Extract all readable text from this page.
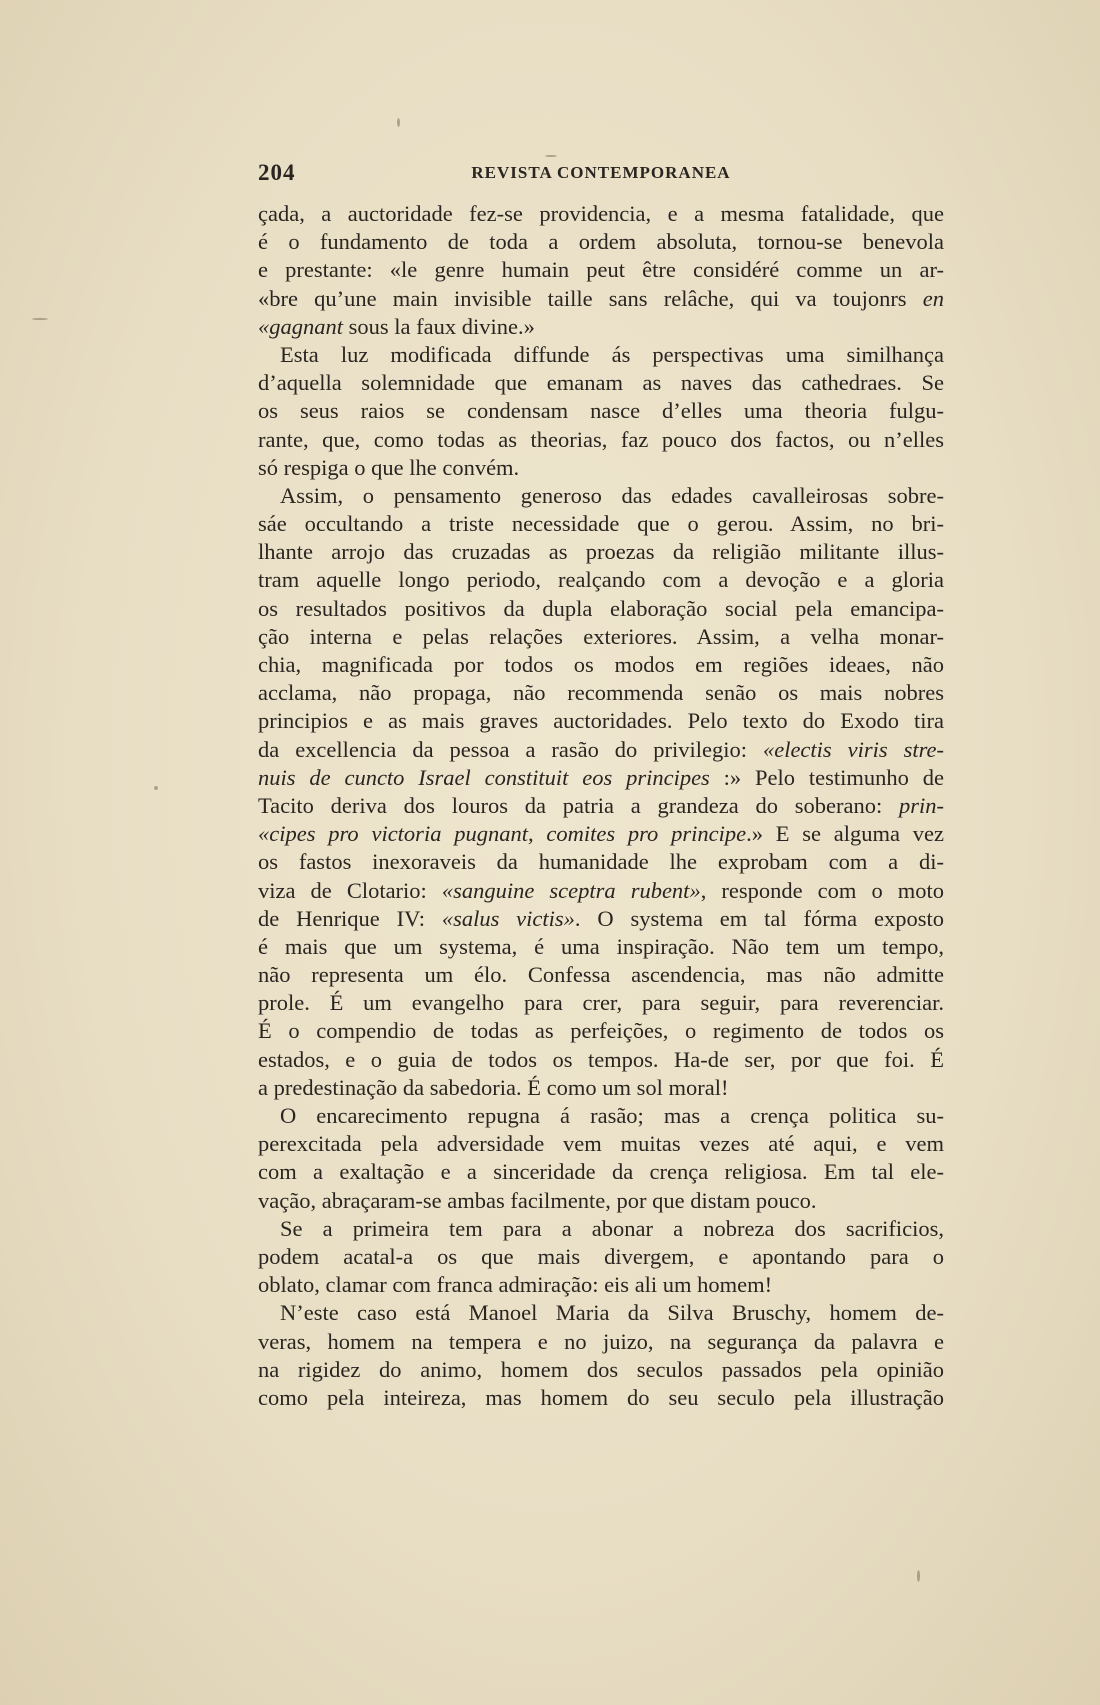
204	REVISTA CONTEMPORANEA
çada, a auctoridade fez-se providencia, e a mesma fatalidade, que
é o fundamento de toda a ordem absoluta, tornou-se benevola
e prestante: «le genre humain peut être considéré comme un ar-
«bre qu’une main invisible taille sans relâche, qui va toujonrs en
«gagnant sous la faux divine.»
Esta luz modificada diffunde ás perspectivas uma similhança
d’aquella solemnidade que emanam as naves das cathedraes. Se
os seus raios se condensam nasce d’elles uma theoria fulgu-
rante, que, como todas as theorias, faz pouco dos factos, ou n’elles
só respiga o que lhe convém.
Assim, o pensamento generoso das edades cavalleirosas sobre-
sáe occultando a triste necessidade que o gerou. Assim, no bri-
lhante arrojo das cruzadas as proezas da religião militante illus-
tram aquelle longo periodo, realçando com a devoção e a gloria
os resultados positivos da dupla elaboração social pela emancipa-
ção interna e pelas relações exteriores. Assim, a velha monar-
chia, magnificada por todos os modos em regiões ideaes, não
acclama, não propaga, não recommenda senão os mais nobres
principios e as mais graves auctoridades. Pelo texto do Exodo tira
da excellencia da pessoa a rasão do privilegio: «electis viris stre-
nuis de cuncto Israel constituit eos principes :» Pelo testimunho de
Tacito deriva dos louros da patria a grandeza do soberano: prin-
«cipes pro victoria pugnant, comites pro principe.» E se alguma vez
os fastos inexoraveis da humanidade lhe exprobam com a di-
viza de Clotario: «sanguine sceptra rubent», responde com o moto
de Henrique IV: «salus victis». O systema em tal fórma exposto
é mais que um systema, é uma inspiração. Não tem um tempo,
não representa um élo. Confessa ascendencia, mas não admitte
prole. É um evangelho para crer, para seguir, para reverenciar.
É o compendio de todas as perfeições, o regimento de todos os
estados, e o guia de todos os tempos. Ha-de ser, por que foi. É
a predestinação da sabedoria. É como um sol moral!
O encarecimento repugna á rasão; mas a crença politica su-
perexcitada pela adversidade vem muitas vezes até aqui, e vem
com a exaltação e a sinceridade da crença religiosa. Em tal ele-
vação, abraçaram-se ambas facilmente, por que distam pouco.
Se a primeira tem para a abonar a nobreza dos sacrificios,
podem acatal-a os que mais divergem, e apontando para o
oblato, clamar com franca admiração: eis ali um homem!
N’este caso está Manoel Maria da Silva Bruschy, homem de-
veras, homem na tempera e no juizo, na segurança da palavra e
na rigidez do animo, homem dos seculos passados pela opinião
como pela inteireza, mas homem do seu seculo pela illustração
